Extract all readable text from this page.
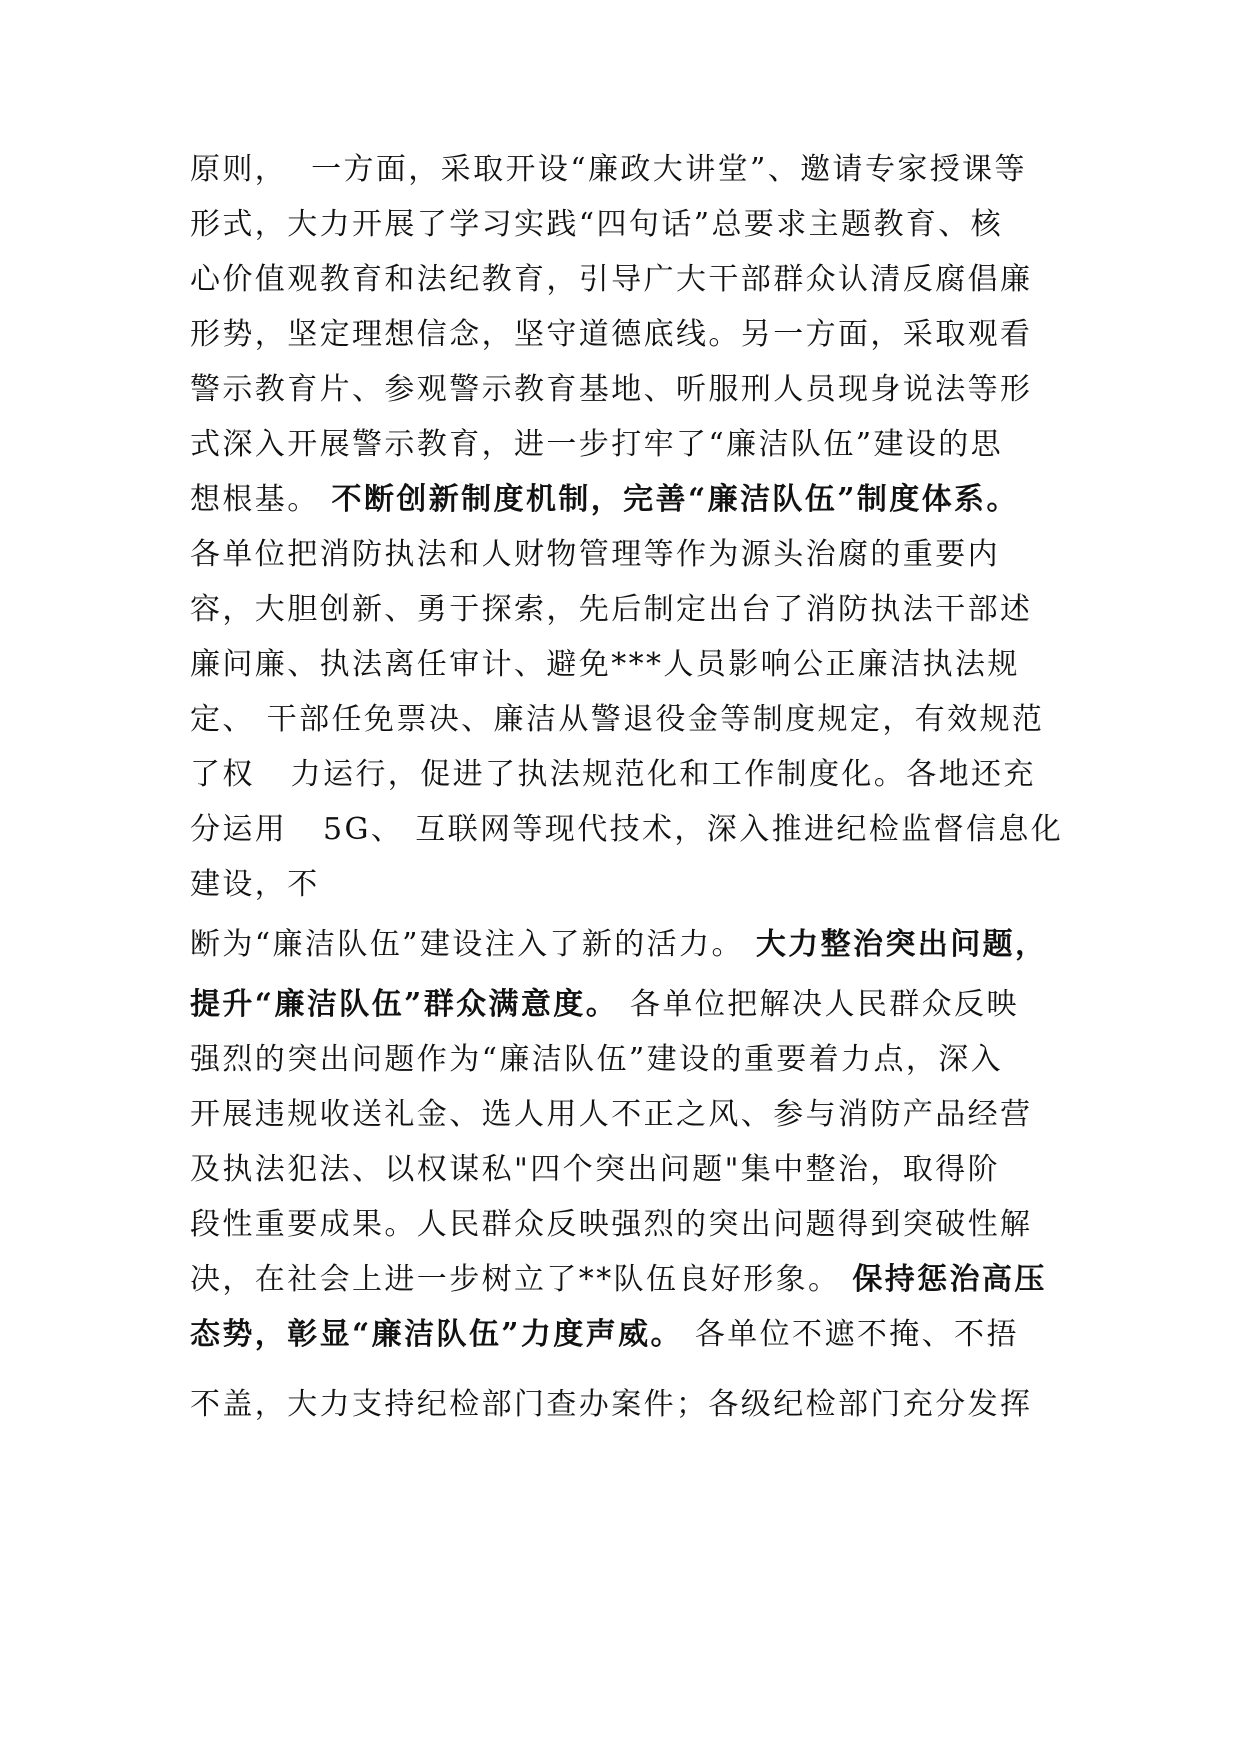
原则，  一方面，采取开设“廉政大讲堂”、邀请专家授课等
形式，大力开展了学习实践“四句话”总要求主题教育、核
心价值观教育和法纪教育，引导广大干部群众认清反腐倡廉
形势，坚定理想信念，坚守道德底线。另一方面，采取观看
警示教育片、参观警示教育基地、听服刑人员现身说法等形
式深入开展警示教育，进一步打牢了“廉洁队伍”建设的思
想根基。 不断创新制度机制，完善“廉洁队伍”制度体系。
各单位把消防执法和人财物管理等作为源头治腐的重要内
容，大胆创新、勇于探索，先后制定出台了消防执法干部述
廉问廉、执法离任审计、避免***人员影响公正廉洁执法规
定、 干部任免票决、廉洁从警退役金等制度规定，有效规范
了权   力运行，促进了执法规范化和工作制度化。各地还充
分运用   5G、 互联网等现代技术，深入推进纪检监督信息化
建设，不
断为“廉洁队伍”建设注入了新的活力。 大力整治突出问题，
提升“廉洁队伍”群众满意度。 各单位把解决人民群众反映
强烈的突出问题作为“廉洁队伍”建设的重要着力点，深入
开展违规收送礼金、选人用人不正之风、参与消防产品经营
及执法犯法、以权谋私"四个突出问题"集中整治，取得阶
段性重要成果。人民群众反映强烈的突出问题得到突破性解
决，在社会上进一步树立了**队伍良好形象。 保持惩治高压
态势，彰显“廉洁队伍”力度声威。 各单位不遮不掩、不捂
不盖，大力支持纪检部门查办案件；各级纪检部门充分发挥
